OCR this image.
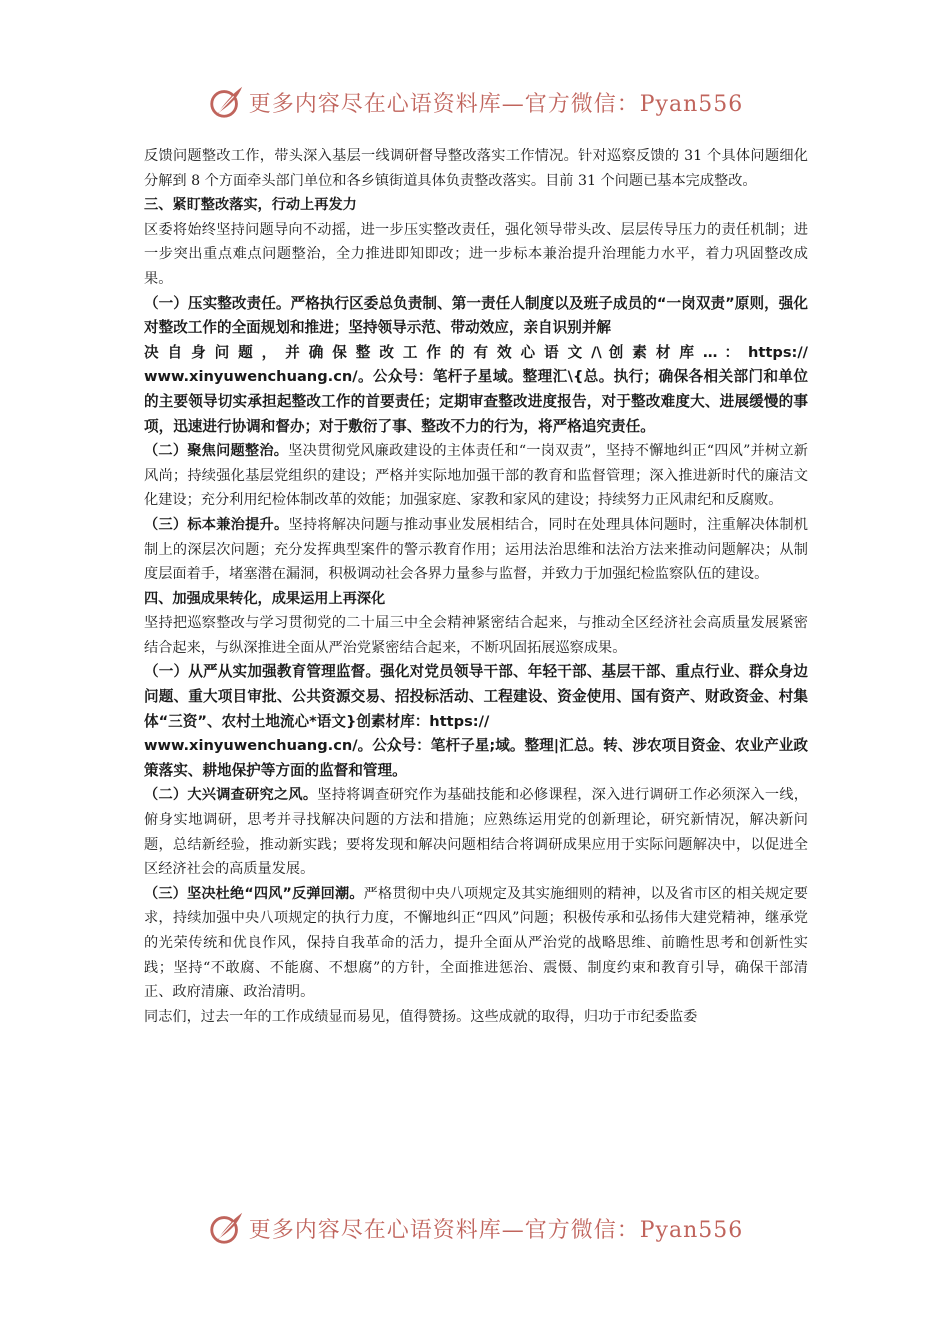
更多内容尽在心语资料库—官方微信：Pyan556

反馈问题整改工作，带头深入基层一线调研督导整改落实工作情况。针对巡察反馈的 31 个具体问题细化分解到 8 个方面牵头部门单位和各乡镇街道具体负责整改落实。目前 31 个问题已基本完成整改。

三、紧盯整改落实，行动上再发力

区委将始终坚持问题导向不动摇，进一步压实整改责任，强化领导带头改、层层传导压力的责任机制；进一步突出重点难点问题整治，全力推进即知即改；进一步标本兼治提升治理能力水平，着力巩固整改成果。

（一）压实整改责任。严格执行区委总负责制、第一责任人制度以及班子成员的“一岗双责”原则，强化对整改工作的全面规划和推进；坚持领导示范、带动效应，亲自识别并解

决 自 身 问 题 ， 并 确 保 整 改 工 作 的 有 效 心 语 文 /\ 创 素 材 库 … ： https://

www.xinyuwenchuang.cn/。公众号：笔杆子星域。整理汇\{总。执行；确保各相关部门和单位的主要领导切实承担起整改工作的首要责任；定期审查整改进度报告，对于整改难度大、进展缓慢的事项，迅速进行协调和督办；对于敷衍了事、整改不力的行为，将严格追究责任。

（二）聚焦问题整治。坚决贯彻党风廉政建设的主体责任和“一岗双责”，坚持不懈地纠正“四风”并树立新风尚；持续强化基层党组织的建设；严格并实际地加强干部的教育和监督管理；深入推进新时代的廉洁文化建设；充分利用纪检体制改革的效能；加强家庭、家教和家风的建设；持续努力正风肃纪和反腐败。

（三）标本兼治提升。坚持将解决问题与推动事业发展相结合，同时在处理具体问题时，注重解决体制机制上的深层次问题；充分发挥典型案件的警示教育作用；运用法治思维和法治方法来推动问题解决；从制度层面着手，堵塞潜在漏洞，积极调动社会各界力量参与监督，并致力于加强纪检监察队伍的建设。

四、加强成果转化，成果运用上再深化

坚持把巡察整改与学习贯彻党的二十届三中全会精神紧密结合起来，与推动全区经济社会高质量发展紧密结合起来，与纵深推进全面从严治党紧密结合起来，不断巩固拓展巡察成果。

（一）从严从实加强教育管理监督。强化对党员领导干部、年轻干部、基层干部、重点行业、群众身边问题、重大项目审批、公共资源交易、招投标活动、工程建设、资金使用、国有资产、财政资金、村集体“三资”、农村土地流心*语文}创素材库：https://

www.xinyuwenchuang.cn/。公众号：笔杆子星;域。整理|汇总。转、涉农项目资金、农业产业政策落实、耕地保护等方面的监督和管理。

（二）大兴调查研究之风。坚持将调查研究作为基础技能和必修课程，深入进行调研工作必须深入一线，俯身实地调研，思考并寻找解决问题的方法和措施；应熟练运用党的创新理论，研究新情况，解决新问题，总结新经验，推动新实践；要将发现和解决问题相结合将调研成果应用于实际问题解决中，以促进全区经济社会的高质量发展。

（三）坚决杜绝“四风”反弹回潮。严格贯彻中央八项规定及其实施细则的精神，以及省市区的相关规定要求，持续加强中央八项规定的执行力度，不懈地纠正“四风”问题；积极传承和弘扬伟大建党精神，继承党的光荣传统和优良作风，保持自我革命的活力，提升全面从严治党的战略思维、前瞻性思考和创新性实践；坚持“不敢腐、不能腐、不想腐”的方针，全面推进惩治、震慑、制度约束和教育引导，确保干部清正、政府清廉、政治清明。

同志们，过去一年的工作成绩显而易见，值得赞扬。这些成就的取得，归功于市纪委监委

更多内容尽在心语资料库—官方微信：Pyan556
